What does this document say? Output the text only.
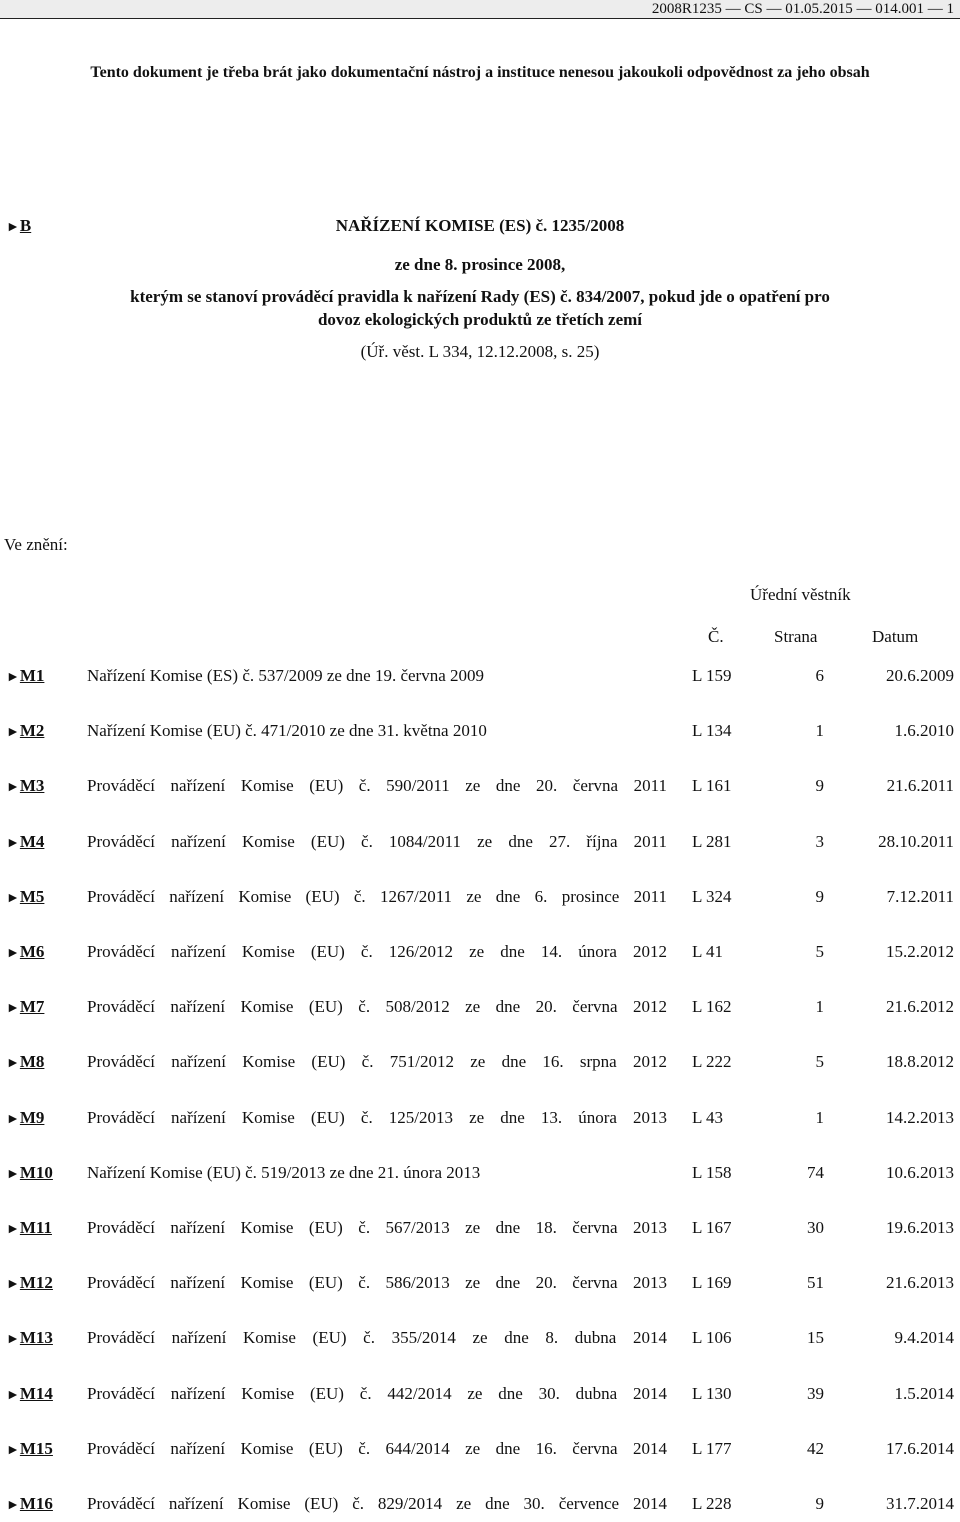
2008R1235 — CS — 01.05.2015 — 014.001 — 1
Tento dokument je třeba brát jako dokumentační nástroj a instituce nenesou jakoukoli odpovědnost za jeho obsah
►B	NAŘÍZENÍ KOMISE (ES) č. 1235/2008
ze dne 8. prosince 2008,
kterým se stanoví prováděcí pravidla k nařízení Rady (ES) č. 834/2007, pokud jde o opatření pro
dovoz ekologických produktů ze třetích zemí
(Úř. věst. L 334, 12.12.2008, s. 25)
Ve znění:
Úřední věstník
Č.	Strana	Datum
►M1	Nařízení Komise (ES) č. 537/2009 ze dne 19. června 2009	L 159	6	20.6.2009
►M2	Nařízení Komise (EU) č. 471/2010 ze dne 31. května 2010	L 134	1	1.6.2010
►M3	Prováděcí nařízení Komise (EU) č. 590/2011 ze dne 20. června 2011 L 161	9	21.6.2011
►M4	Prováděcí nařízení Komise (EU) č. 1084/2011 ze dne 27. října 2011 L 281	3	28.10.2011
►M5	Prováděcí nařízení Komise (EU) č. 1267/2011 ze dne 6. prosince 2011 L 324	9	7.12.2011
►M6	Prováděcí nařízení Komise (EU) č. 126/2012 ze dne 14. února 2012 L 41	5	15.2.2012
►M7	Prováděcí nařízení Komise (EU) č. 508/2012 ze dne 20. června 2012 L 162	1	21.6.2012
►M8	Prováděcí nařízení Komise (EU) č. 751/2012 ze dne 16. srpna 2012 L 222	5	18.8.2012
►M9	Prováděcí nařízení Komise (EU) č. 125/2013 ze dne 13. února 2013 L 43	1	14.2.2013
►M10 Nařízení Komise (EU) č. 519/2013 ze dne 21. února 2013	L 158	74	10.6.2013
►M11 Prováděcí nařízení Komise (EU) č. 567/2013 ze dne 18. června 2013 L 167	30	19.6.2013
►M12 Prováděcí nařízení Komise (EU) č. 586/2013 ze dne 20. června 2013 L 169	51	21.6.2013
►M13 Prováděcí nařízení Komise (EU) č. 355/2014 ze dne 8. dubna 2014 L 106	15	9.4.2014
►M14 Prováděcí nařízení Komise (EU) č. 442/2014 ze dne 30. dubna 2014 L 130	39	1.5.2014
►M15 Prováděcí nařízení Komise (EU) č. 644/2014 ze dne 16. června 2014 L 177	42	17.6.2014
►M16 Prováděcí nařízení Komise (EU) č. 829/2014 ze dne 30. července 2014 L 228	9	31.7.2014
